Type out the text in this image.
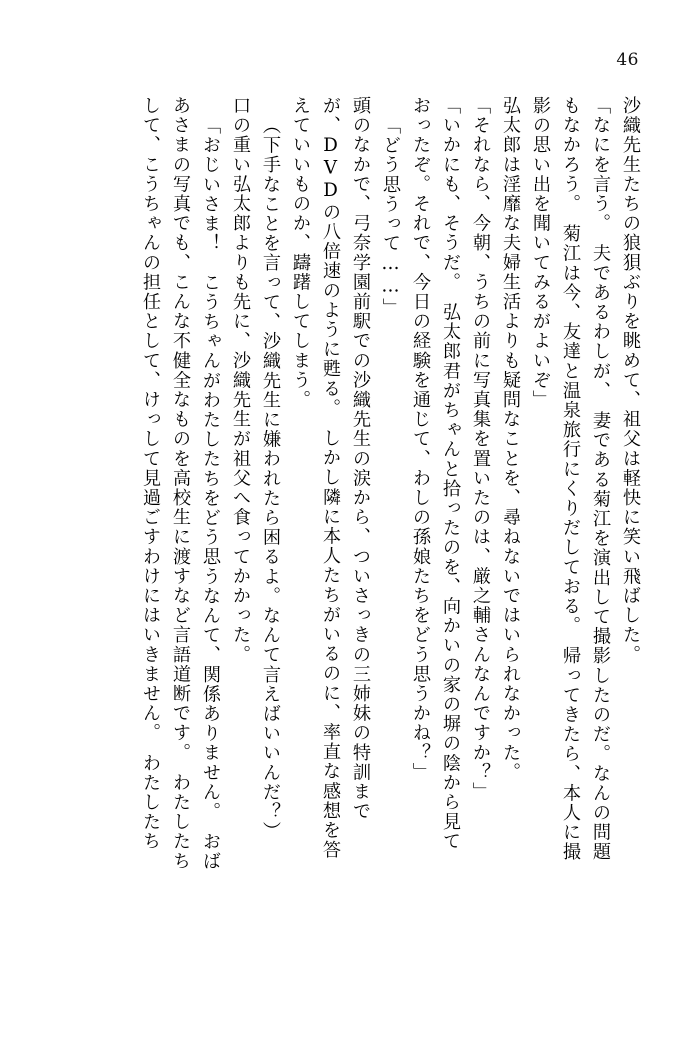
46
沙織先生たちの狼狽ぶりを眺めて、祖父は軽快に笑い飛ばした。
「なにを言う。　夫であるわしが、　妻である菊江を演出して撮影したのだ。なんの問題
もなかろう。　菊江は今、友達と温泉旅行にくりだしておる。　帰ってきたら、本人に撮
影の思い出を聞いてみるがよいぞ」
弘太郎は淫靡な夫婦生活よりも疑問なことを、尋ねないではいられなかった。
「それなら、今朝、うちの前に写真集を置いたのは、厳之輔さんなんですか？」
「いかにも、そうだ。　弘太郎君がちゃんと拾ったのを、向かいの家の塀の陰から見て
おったぞ。それで、今日の経験を通じて、わしの孫娘たちをどう思うかね？」
「どう思うって……」
頭のなかで、弓奈学園前駅での沙織先生の涙から、ついさっきの三姉妹の特訓まで
が、DVDの八倍速のように甦る。　しかし隣に本人たちがいるのに、率直な感想を答
えていいものか、躊躇してしまう。
（下手なことを言って、沙織先生に嫌われたら困るよ。なんて言えばいいんだ？）
口の重い弘太郎よりも先に、沙織先生が祖父へ食ってかかった。
「おじいさま！　こうちゃんがわたしたちをどう思うなんて、関係ありません。　おば
あさまの写真でも、こんな不健全なものを高校生に渡すなど言語道断です。　わたしたち
して、こうちゃんの担任として、けっして見過ごすわけにはいきません。　わたしたち
